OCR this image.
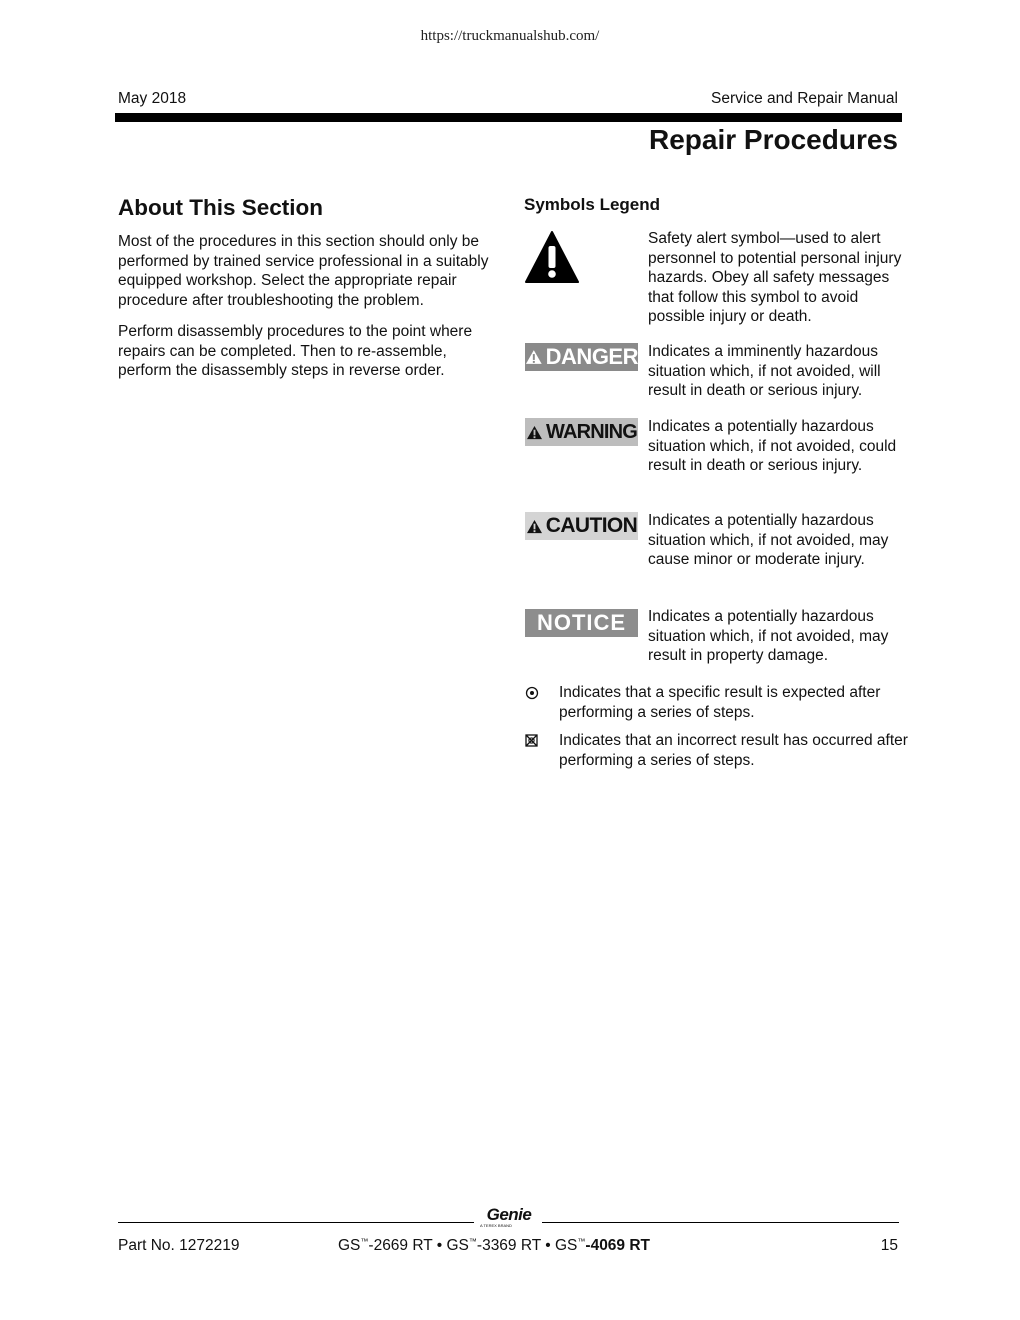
https://truckmanualshub.com/
May 2018	Service and Repair Manual
Repair Procedures
About This Section

Most of the procedures in this section should only be performed by trained service professional in a suitably equipped workshop. Select the appropriate repair procedure after troubleshooting the problem.

Perform disassembly procedures to the point where repairs can be completed. Then to re-assemble, perform the disassembly steps in reverse order.

Symbols Legend

Safety alert symbol—used to alert personnel to potential personal injury hazards. Obey all safety messages that follow this symbol to avoid possible injury or death.

DANGER Indicates a imminently hazardous situation which, if not avoided, will result in death or serious injury.

WARNING Indicates a potentially hazardous situation which, if not avoided, could result in death or serious injury.

CAUTION Indicates a potentially hazardous situation which, if not avoided, may cause minor or moderate injury.

NOTICE Indicates a potentially hazardous situation which, if not avoided, may result in property damage.

Indicates that a specific result is expected after performing a series of steps.

Indicates that an incorrect result has occurred after performing a series of steps.

Genie
A TEREX BRAND
Part No. 1272219	GS™-2669 RT • GS™-3369 RT • GS™-4069 RT	15
